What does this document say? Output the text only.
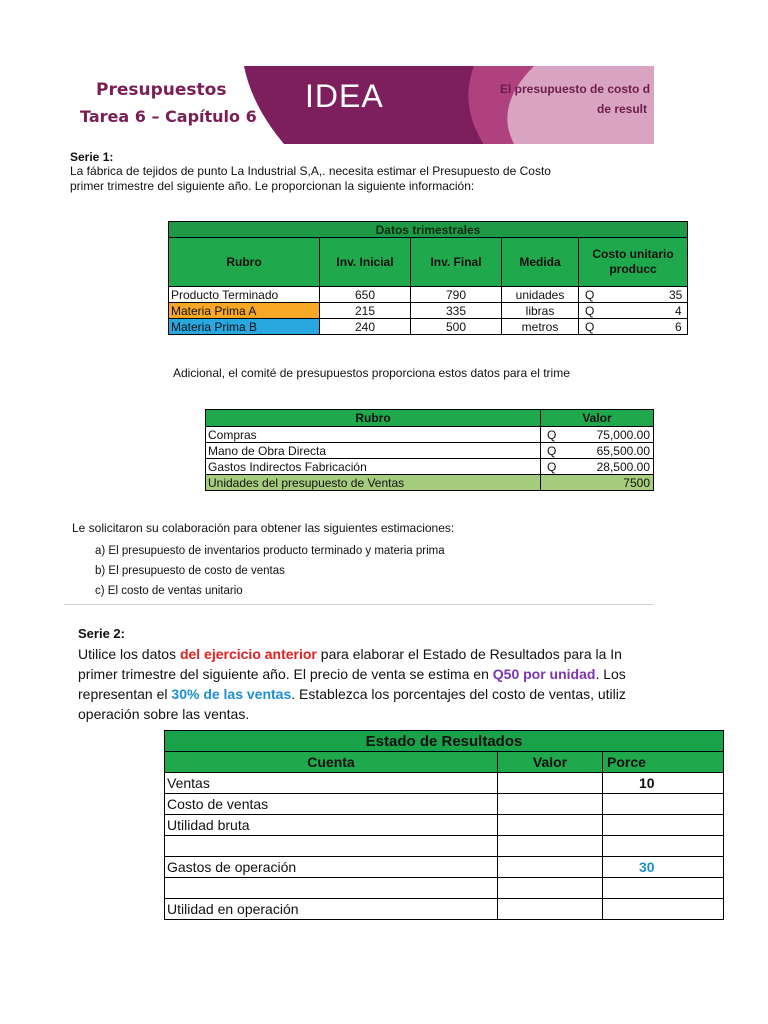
Presupuestos
Tarea 6 – Capítulo 6
IDEA	El presupuesto de costo d
de result
Serie 1:
La fábrica de tejidos de punto La Industrial S,A,. necesita estimar el Presupuesto de Costo
primer trimestre del siguiente año. Le proporcionan la siguiente información:
Datos trimestrales					
Rubro	Inv. Inicial	Inv. Final	Medida	Costo unitario producc	
Producto Terminado	650	790	unidades	Q	35
Materia Prima A	215	335	libras	Q	4
Materia Prima B	240	500	metros	Q	6
Adicional, el comité de presupuestos proporciona estos datos para el trime
Rubro	Valor
Compras	Q 75,000.00

Mano de Obra Directa	Q 65,500.00

Gastos Indirectos Fabricación	Q 28,500.00

Unidades del presupuesto de Ventas	7500
Le solicitaron su colaboración para obtener las siguientes estimaciones:
a) El presupuesto de inventarios producto terminado y materia prima
b) El presupuesto de costo de ventas
c) El costo de ventas unitario
Serie 2:
Utilice los datos del ejercicio anterior para elaborar el Estado de Resultados para la In
primer trimestre del siguiente año. El precio de venta se estima en Q50 por unidad. Los
representan el 30% de las ventas. Establezca los porcentajes del costo de ventas, utiliz
operación sobre las ventas.
Estado de Resultados		
Cuenta	Valor	Porce
Ventas		10
Costo de ventas		
Utilidad bruta		

Gastos de operación		30

Utilidad en operación		
